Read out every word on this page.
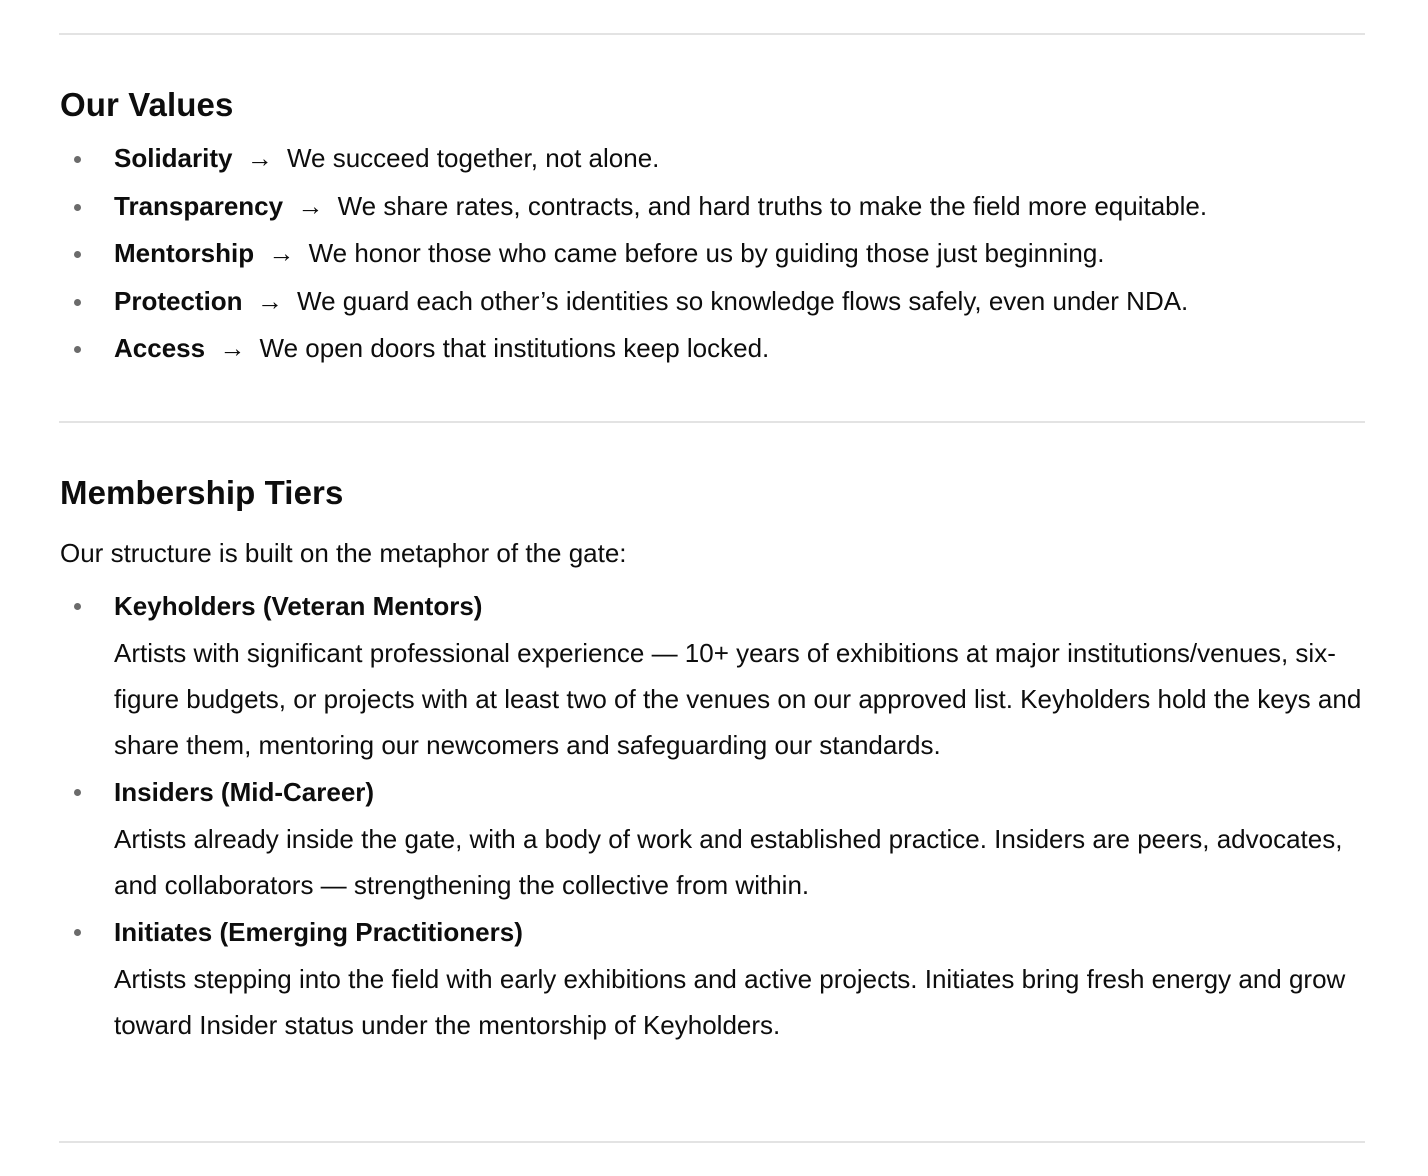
Our Values
Solidarity → We succeed together, not alone.
Transparency → We share rates, contracts, and hard truths to make the field more equitable.
Mentorship → We honor those who came before us by guiding those just beginning.
Protection → We guard each other’s identities so knowledge flows safely, even under NDA.
Access → We open doors that institutions keep locked.
Membership Tiers

Our structure is built on the metaphor of the gate:

Keyholders (Veteran Mentors)
Artists with significant professional experience — 10+ years of exhibitions at major institutions/venues, six-figure budgets, or projects with at least two of the venues on our approved list. Keyholders hold the keys and share them, mentoring our newcomers and safeguarding our standards.
Insiders (Mid-Career)
Artists already inside the gate, with a body of work and established practice. Insiders are peers, advocates, and collaborators — strengthening the collective from within.
Initiates (Emerging Practitioners)
Artists stepping into the field with early exhibitions and active projects. Initiates bring fresh energy and grow toward Insider status under the mentorship of Keyholders.
